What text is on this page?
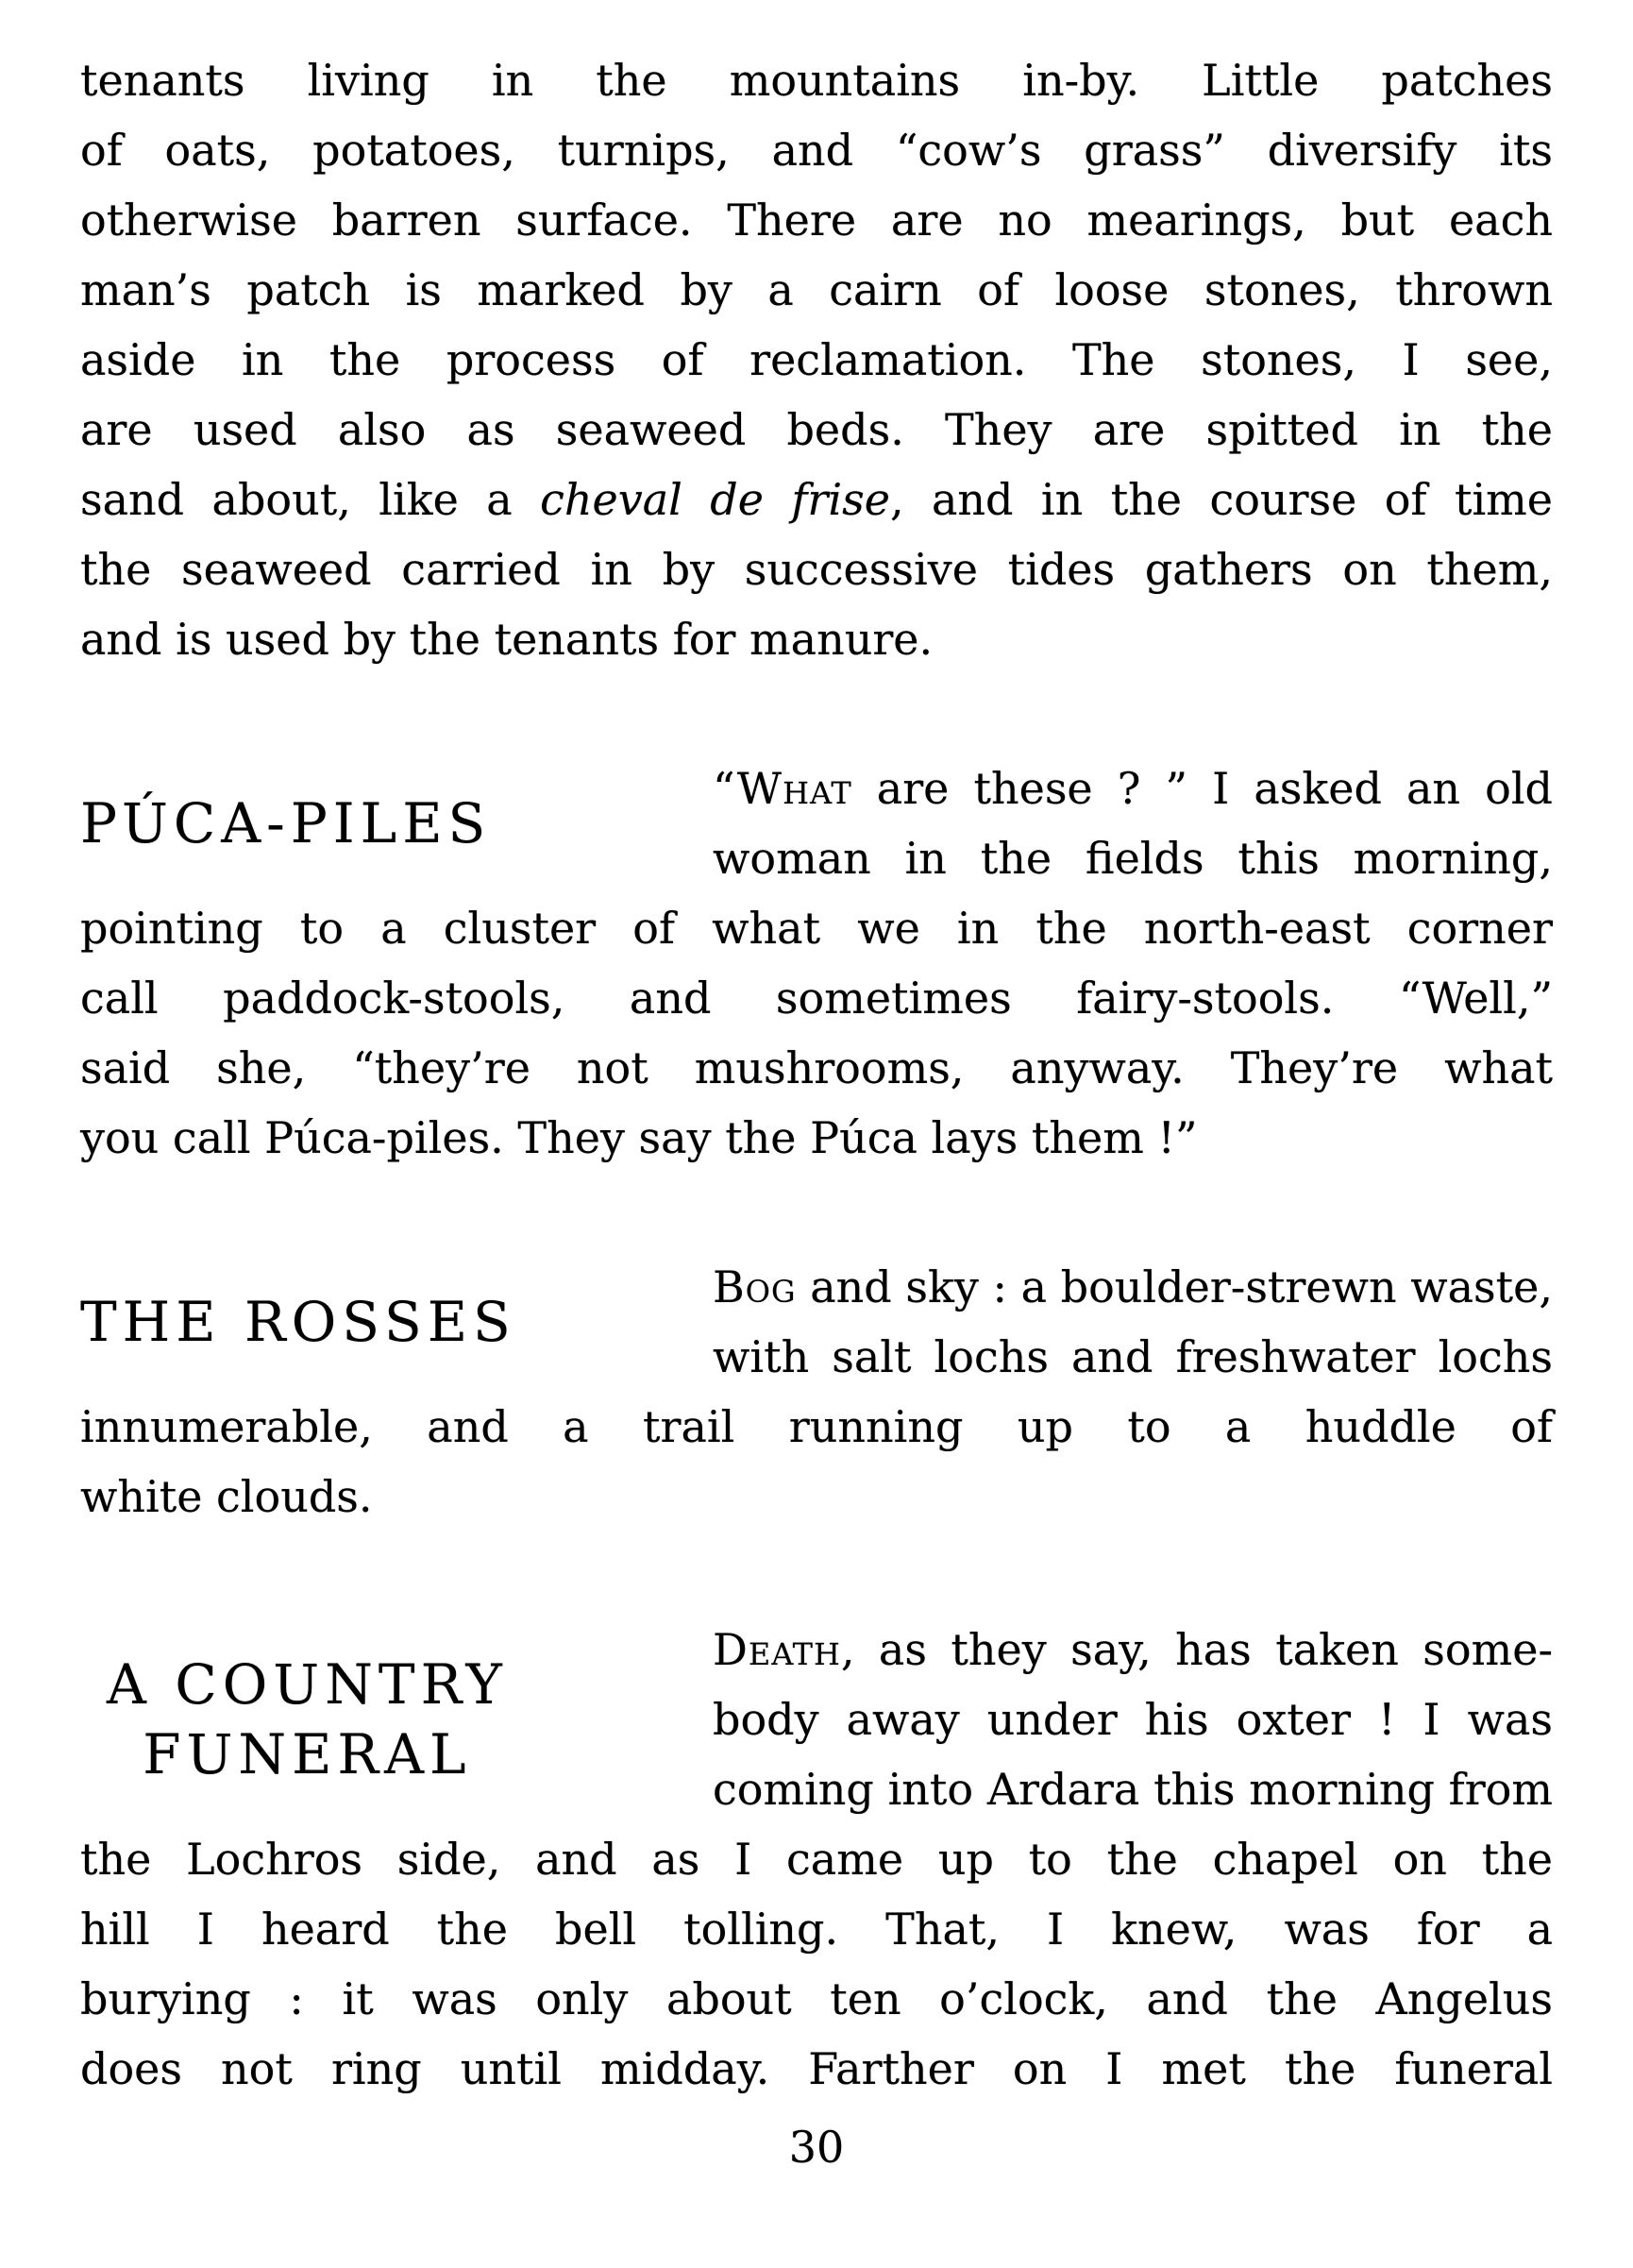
tenants living in the mountains in-by. Little patches
of oats, potatoes, turnips, and “cow’s grass” diversify its
otherwise barren surface. There are no mearings, but each
man’s patch is marked by a cairn of loose stones, thrown
aside in the process of reclamation. The stones, I see,
are used also as seaweed beds. They are spitted in the
sand about, like a cheval de frise, and in the course of time
the seaweed carried in by successive tides gathers on them,
and is used by the tenants for manure.
PÚCA-PILES
“What are these ? ” I asked an old
woman in the fields this morning,
pointing to a cluster of what we in the north-east corner
call paddock-stools, and sometimes fairy-stools. “Well,”
said she, “they’re not mushrooms, anyway. They’re what
you call Púca-piles. They say the Púca lays them !”
THE ROSSES
Bog and sky : a boulder-strewn waste,
with salt lochs and freshwater lochs
innumerable, and a trail running up to a huddle of
white clouds.
A COUNTRY
FUNERAL
Death, as they say, has taken some-
body away under his oxter ! I was
coming into Ardara this morning from
the Lochros side, and as I came up to the chapel on the
hill I heard the bell tolling. That, I knew, was for a
burying : it was only about ten o’clock, and the Angelus
does not ring until midday. Farther on I met the funeral
30
